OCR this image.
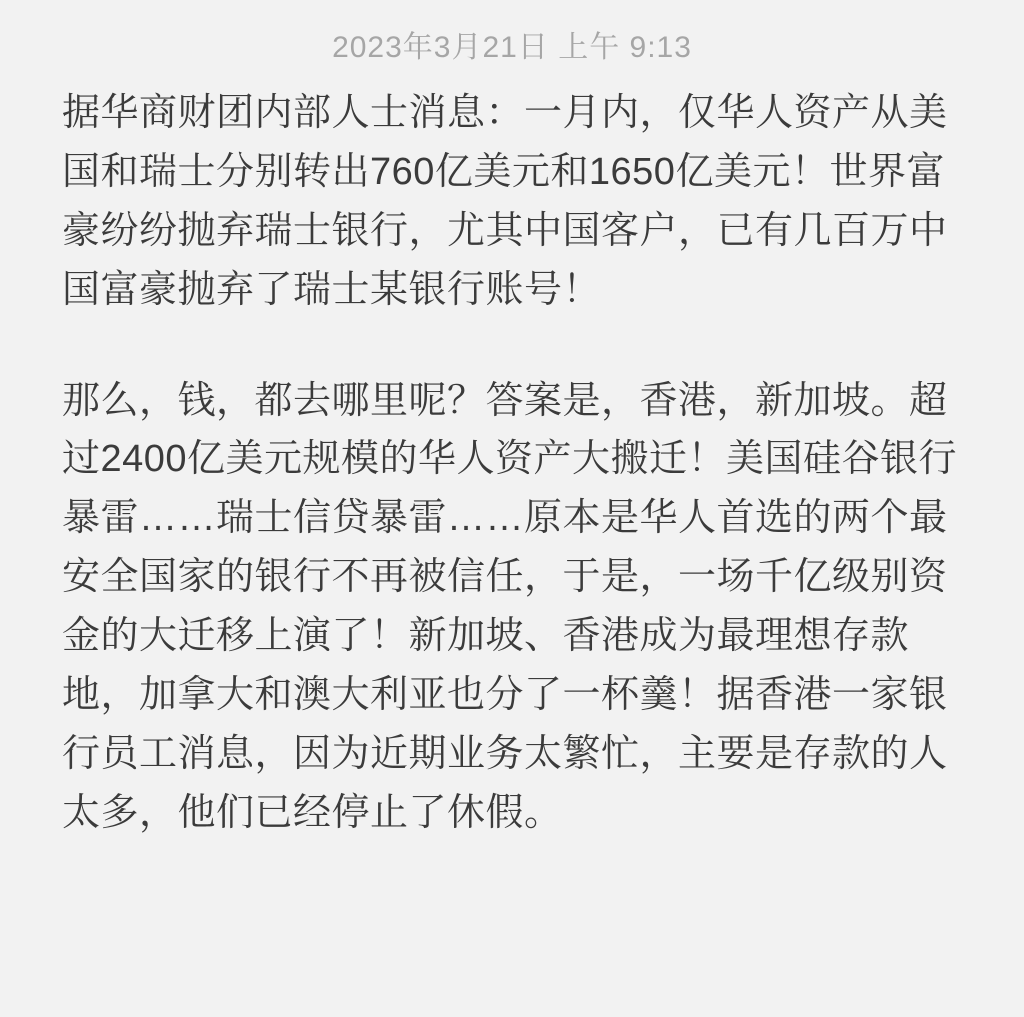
2023年3月21日 上午 9:13

据华商财团内部人士消息：一月内，仅华人资产从美国和瑞士分别转出760亿美元和1650亿美元！世界富豪纷纷抛弃瑞士银行，尤其中国客户，已有几百万中国富豪抛弃了瑞士某银行账号！

那么，钱，都去哪里呢？答案是，香港，新加坡。超过2400亿美元规模的华人资产大搬迁！美国硅谷银行暴雷……瑞士信贷暴雷……原本是华人首选的两个最安全国家的银行不再被信任，于是，一场千亿级别资金的大迁移上演了！新加坡、香港成为最理想存款地，加拿大和澳大利亚也分了一杯羹！据香港一家银行员工消息，因为近期业务太繁忙，主要是存款的人太多，他们已经停止了休假。
